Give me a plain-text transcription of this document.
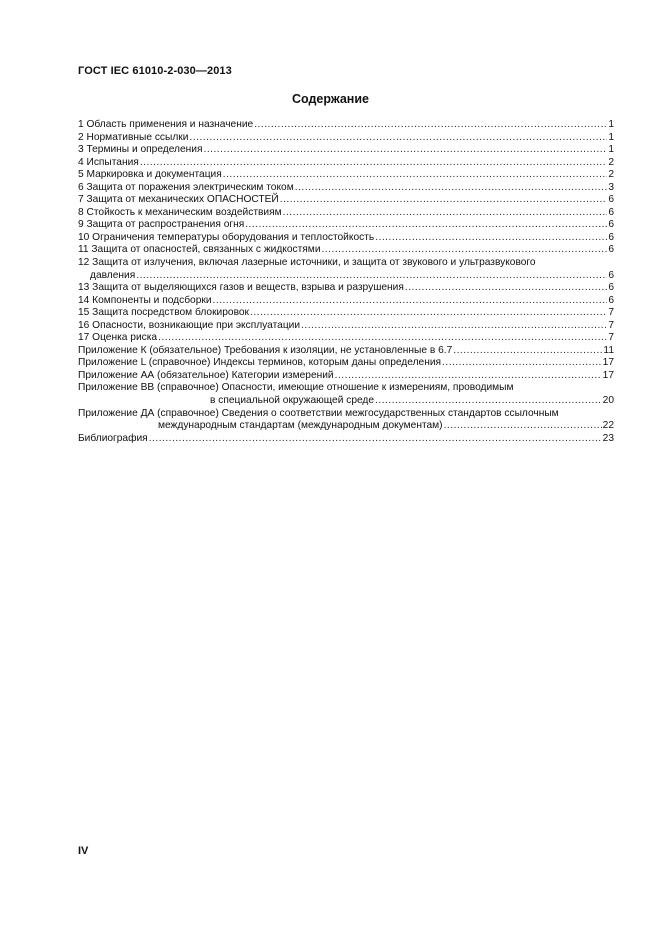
ГОСТ IEC 61010-2-030—2013
Содержание
1 Область применения и назначение .....	1
2 Нормативные ссылки .....	1
3 Термины и определения .....	1
4 Испытания .....	2
5 Маркировка и документация .....	2
6 Защита от поражения электрическим током .....	3
7 Защита от механических ОПАСНОСТЕЙ .....	6
8 Стойкость к механическим воздействиям .....	6
9 Защита от распространения огня .....	6
10 Ограничения температуры оборудования и теплостойкость .....	6
11 Защита от опасностей, связанных с жидкостями .....	6
12 Защита от излучения, включая лазерные источники, и защита от звукового и ультразвукового
давления .....	6
13 Защита от выделяющихся газов и веществ, взрыва и разрушения .....	6
14 Компоненты и подсборки .....	6
15 Защита посредством блокировок .....	7
16 Опасности, возникающие при эксплуатации .....	7
17 Оценка риска .....	7
Приложение К (обязательное) Требования к изоляции, не установленные в 6.7 .....	11
Приложение L (справочное) Индексы терминов, которым даны определения .....	17
Приложение АА (обязательное) Категории измерений .....	17
Приложение ВВ (справочное) Опасности, имеющие отношение к измерениям, проводимым
в специальной окружающей среде .....	20
Приложение ДА (справочное) Сведения о соответствии межгосударственных стандартов ссылочным
международным стандартам (международным документам) .....	22
Библиография .....	23
IV
